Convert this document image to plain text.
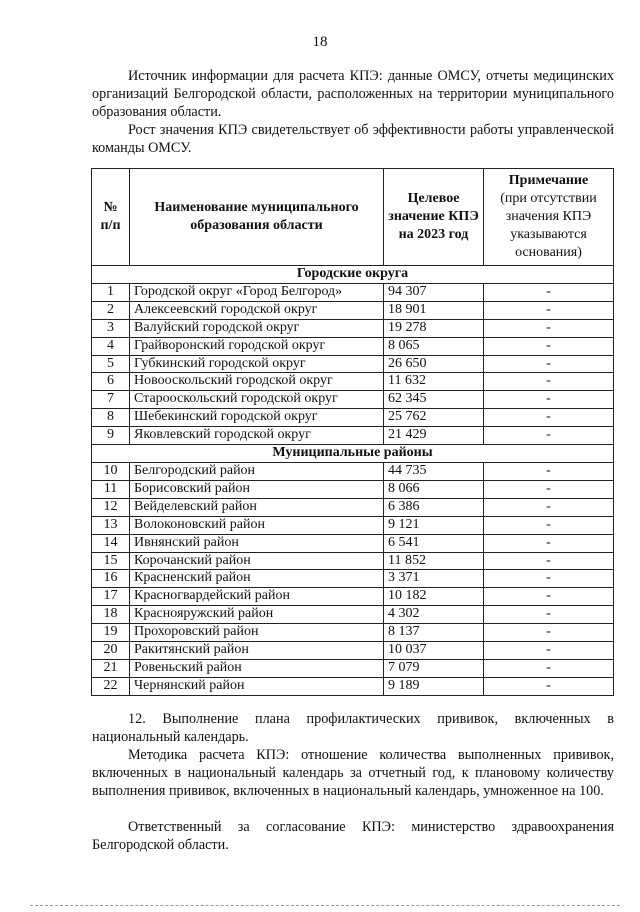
18

Источник информации для расчета КПЭ: данные ОМСУ, отчеты медицинских организаций Белгородской области, расположенных на территории муниципального образования области.

Рост значения КПЭ свидетельствует об эффективности работы управленческой команды ОМСУ.

№ п/п	Наименование муниципального образования области	Целевое значение КПЭ на 2023 год	Примечание
(при отсутствии значения КПЭ указываются основания)
Городские округа			
1	Городской округ «Город Белгород»	94 307	-
2	Алексеевский городской округ	18 901	-
3	Валуйский городской округ	19 278	-
4	Грайворонский городской округ	8 065	-
5	Губкинский городской округ	26 650	-
6	Новооскольский городской округ	11 632	-
7	Старооскольский городской округ	62 345	-
8	Шебекинский городской округ	25 762	-
9	Яковлевский городской округ	21 429	-
Муниципальные районы			
10	Белгородский район	44 735	-
11	Борисовский район	8 066	-
12	Вейделевский район	6 386	-
13	Волоконовский район	9 121	-
14	Ивнянский район	6 541	-
15	Корочанский район	11 852	-
16	Красненский район	3 371	-
17	Красногвардейский район	10 182	-
18	Краснояружский район	4 302	-
19	Прохоровский район	8 137	-
20	Ракитянский район	10 037	-
21	Ровеньский район	7 079	-
22	Чернянский район	9 189	-

12. Выполнение плана профилактических прививок, включенных в национальный календарь.

Методика расчета КПЭ: отношение количества выполненных прививок, включенных в национальный календарь за отчетный год, к плановому количеству выполнения прививок, включенных в национальный календарь, умноженное на 100.

Ответственный за согласование КПЭ: министерство здравоохранения Белгородской области.
